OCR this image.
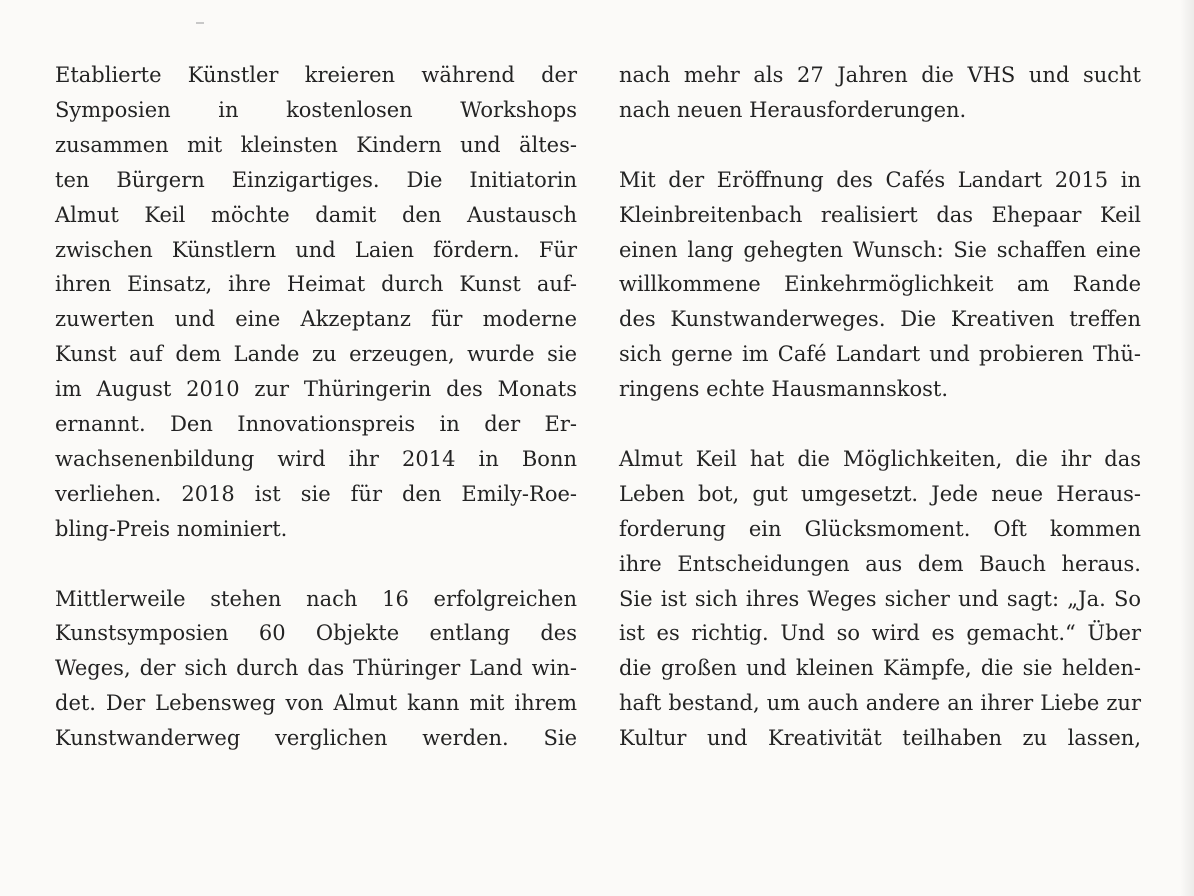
Etablierte Künstler kreieren während der
Symposien in kostenlosen Workshops
zusammen mit kleinsten Kindern und ältes-
ten Bürgern Einzigartiges. Die Initiatorin
Almut Keil möchte damit den Austausch
zwischen Künstlern und Laien fördern. Für
ihren Einsatz, ihre Heimat durch Kunst auf-
zuwerten und eine Akzeptanz für moderne
Kunst auf dem Lande zu erzeugen, wurde sie
im August 2010 zur Thüringerin des Monats
ernannt. Den Innovationspreis in der Er-
wachsenenbildung wird ihr 2014 in Bonn
verliehen. 2018 ist sie für den Emily-Roe-
bling-Preis nominiert.
Mittlerweile stehen nach 16 erfolgreichen
Kunstsymposien 60 Objekte entlang des
Weges, der sich durch das Thüringer Land win-
det. Der Lebensweg von Almut kann mit ihrem
Kunstwanderweg verglichen werden. Sie
nach mehr als 27 Jahren die VHS und sucht
nach neuen Herausforderungen.
Mit der Eröffnung des Cafés Landart 2015 in
Kleinbreitenbach realisiert das Ehepaar Keil
einen lang gehegten Wunsch: Sie schaffen eine
willkommene Einkehrmöglichkeit am Rande
des Kunstwanderweges. Die Kreativen treffen
sich gerne im Café Landart und probieren Thü-
ringens echte Hausmannskost.
Almut Keil hat die Möglichkeiten, die ihr das
Leben bot, gut umgesetzt. Jede neue Heraus-
forderung ein Glücksmoment. Oft kommen
ihre Entscheidungen aus dem Bauch heraus.
Sie ist sich ihres Weges sicher und sagt: „Ja. So
ist es richtig. Und so wird es gemacht.“ Über
die großen und kleinen Kämpfe, die sie helden-
haft bestand, um auch andere an ihrer Liebe zur
Kultur und Kreativität teilhaben zu lassen,
